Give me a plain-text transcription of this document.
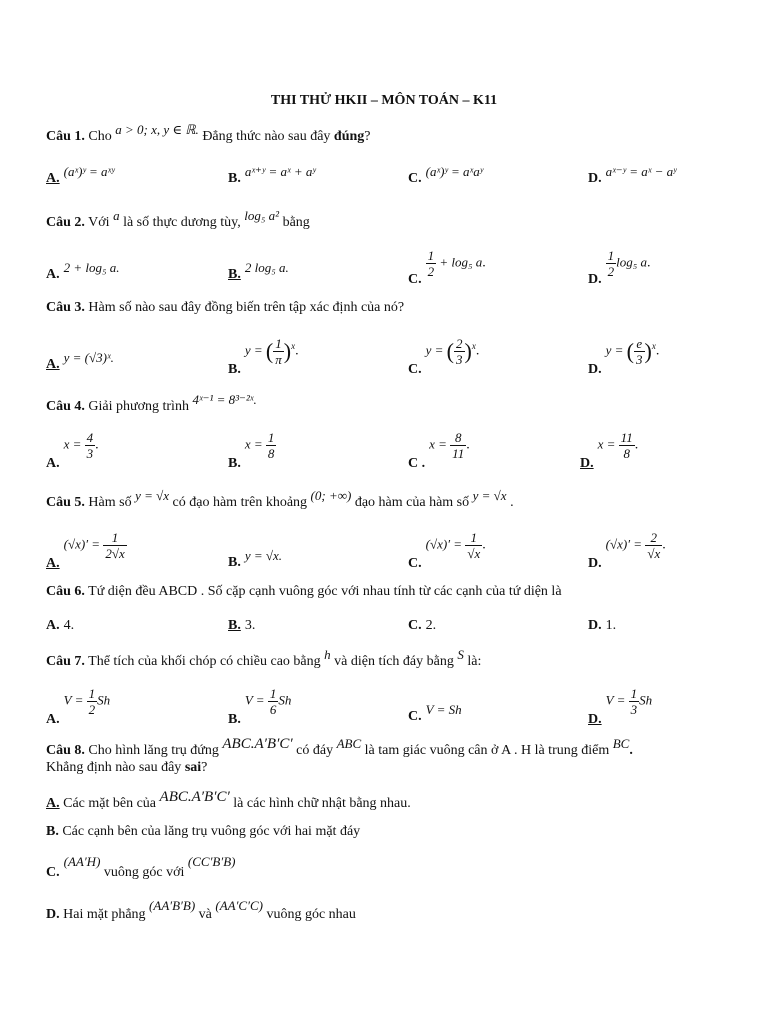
THI THỬ HKII – MÔN TOÁN – K11
Câu 1. Cho a > 0; x, y ∈ ℝ. Đẳng thức nào sau đây đúng?
A. (aˣ)ʸ = aˣʸ	B. aˣ⁺ʸ = aˣ + aʸ	C. (aˣ)ʸ = aˣaʸ	D. aˣ⁻ʸ = aˣ − aʸ
Câu 2. Với a là số thực dương tùy, log₅ a² bằng
A. 2 + log₅ a.	B. 2 log₅ a.
C.
$\frac{1}{2} + \log_5$ a.
D.
$\frac{1}{2} \log_5$ a.
Câu 3. Hàm số nào sau đây đồng biến trên tập xác định của nó?
A. y = (√3)ˣ.
B.y = ( $\frac{1}{\pi} )^x$.
C.y = ( $\frac{2}{3} )^x$.
D.y = ( $\frac{e}{3} )^x$.
Câu 4. Giải phương trình 4ˣ⁻¹ = 8³⁻²ˣ.
$A.x = \frac{4}{3}$ .
$B.x = \frac{1}{8}$
C $.x = \frac{8}{11}$ .
$D.x = \frac{11}{8}$ .
Câu 5. Hàm số y = √x có đạo hàm trên khoảng (0; +∞) đạo hàm của hàm số y = √x .
$A.(√x)' = \frac{1}{2√x}$
B. y = √x.
$C.(√x)' = \frac{1}{√x}$ .
$D.(√x)' = \frac{2}{√x}$ .
Câu 6. Tứ diện đều ABCD . Số cặp cạnh vuông góc với nhau tính từ các cạnh của tứ diện là
A. 4.	B. 3.	C. 2.	D. 1.
Câu 7. Thể tích của khối chóp có chiều cao bằng h và diện tích đáy bằng S là:
$A.V = \frac{1}{2}$ Sh
$B.V = \frac{1}{6}$ Sh
C. V = Sh
$D.V = \frac{1}{3}$ Sh
Câu 8. Cho hình lăng trụ đứng ABC.A′B′C′ có đáy ABC là tam giác vuông cân ở A . H là trung điểm BC.
Khẳng định nào sau đây sai?
A. Các mặt bên của ABC.A′B′C′ là các hình chữ nhật bằng nhau.
B. Các cạnh bên của lăng trụ vuông góc với hai mặt đáy
C.(AA′H) vuông góc với (CC′B′B)
D. Hai mặt phẳng (AA′B′B) và (AA′C′C) vuông góc nhau
